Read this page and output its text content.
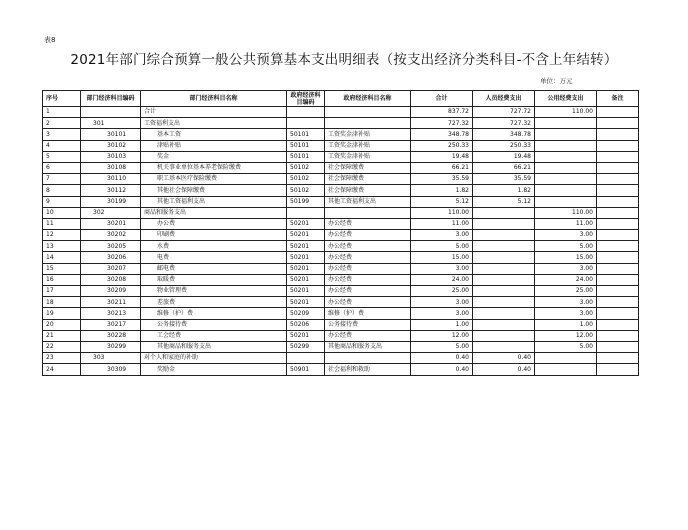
表8
2021年部门综合预算一般公共预算基本支出明细表（按支出经济分类科目-不含上年结转）
单位：万元
序号	部门经济科目编码	部门经济科目名称	政府经济科目编码	政府经济科目名称	合计	人员经费支出	公用经费支出	备注
1		合计			837.72	727.72	110.00	
2	301	工资福利支出			727.32	727.32		
3	30101	基本工资	50101	工资奖金津补贴	348.78	348.78		
4	30102	津贴补贴	50101	工资奖金津补贴	250.33	250.33		
5	30103	奖金	50101	工资奖金津补贴	19.48	19.48		
6	30108	机关事业单位基本养老保险缴费	50102	社会保障缴费	66.21	66.21		
7	30110	职工基本医疗保险缴费	50102	社会保障缴费	35.59	35.59		
8	30112	其他社会保障缴费	50102	社会保障缴费	1.82	1.82		
9	30199	其他工资福利支出	50199	其他工资福利支出	5.12	5.12		
10	302	商品和服务支出			110.00		110.00	
11	30201	办公费	50201	办公经费	11.00		11.00	
12	30202	印刷费	50201	办公经费	3.00		3.00	
13	30205	水费	50201	办公经费	5.00		5.00	
14	30206	电费	50201	办公经费	15.00		15.00	
15	30207	邮电费	50201	办公经费	3.00		3.00	
16	30208	取暖费	50201	办公经费	24.00		24.00	
17	30209	物业管理费	50201	办公经费	25.00		25.00	
18	30211	差旅费	50201	办公经费	3.00		3.00	
19	30213	维修（护）费	50209	维修（护）费	3.00		3.00	
20	30217	公务接待费	50206	公务接待费	1.00		1.00	
21	30228	工会经费	50201	办公经费	12.00		12.00	
22	30299	其他商品和服务支出	50299	其他商品和服务支出	5.00		5.00	
23	303	对个人和家庭的补助			0.40	0.40		
24	30309	奖励金	50901	社会福利和救助	0.40	0.40		
